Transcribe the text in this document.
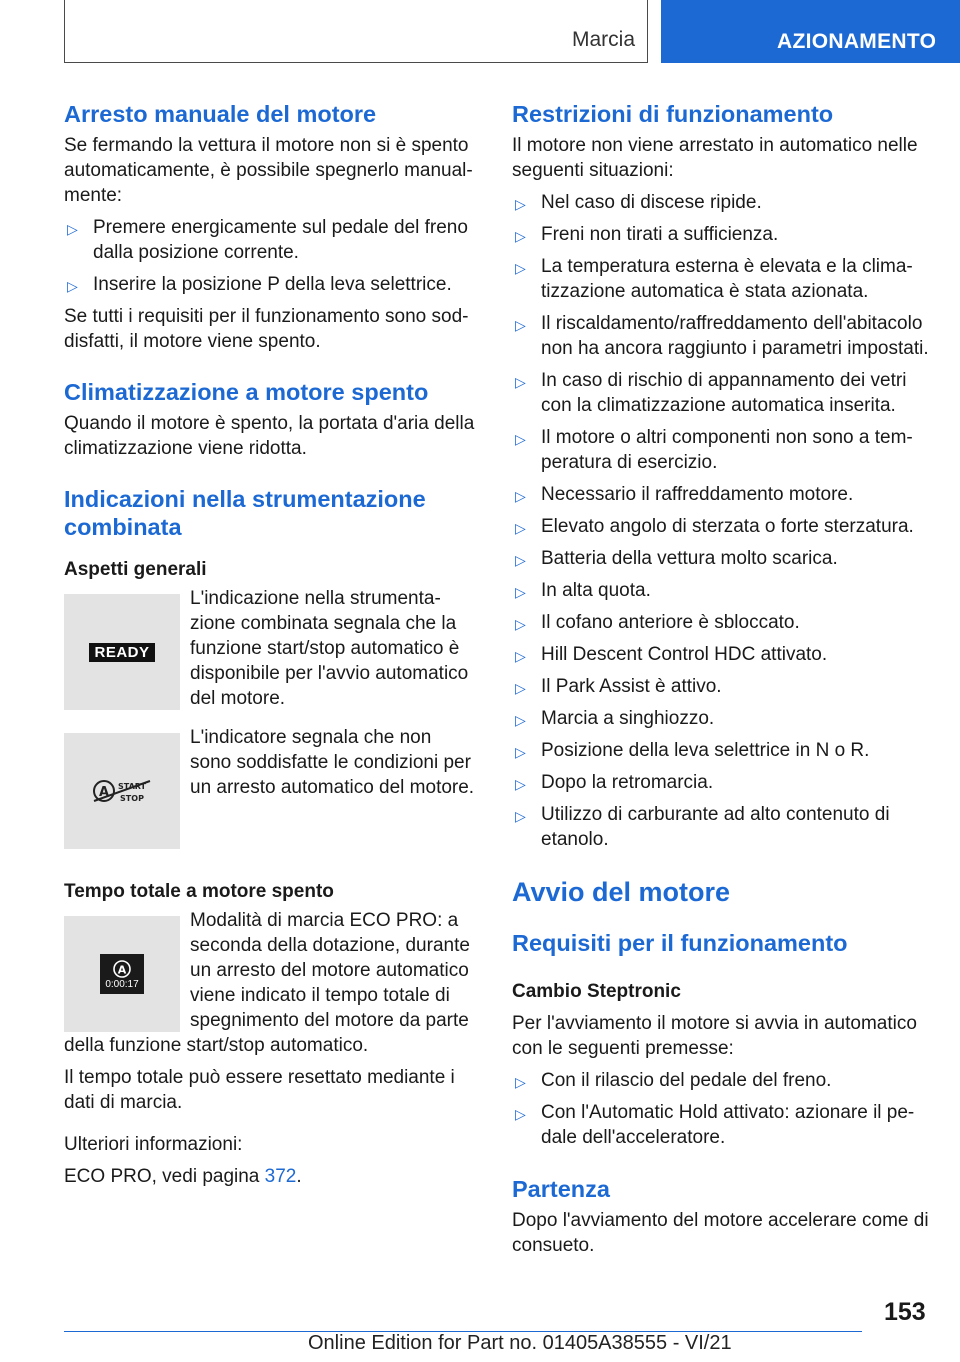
Marcia	AZIONAMENTO
Arresto manuale del motore

Se fermando la vettura il motore non si è spento automaticamente, è possibile spegnerlo manual-mente:

▷ Premere energicamente sul pedale del freno dalla posizione corrente.
▷ Inserire la posizione P della leva selettrice.

Se tutti i requisiti per il funzionamento sono sod-disfatti, il motore viene spento.

Climatizzazione a motore spento

Quando il motore è spento, la portata d'aria della climatizzazione viene ridotta.

Indicazioni nella strumentazione combinata
Aspetti generali
READY

L'indicazione nella strumenta-zione combinata segnala che la funzione start/stop automatico è disponibile per l'avvio automatico del motore.

A START
STOP

L'indicatore segnala che non sono soddisfatte le condizioni per un arresto automatico del motore.

Tempo totale a motore spento
A
0:00:17

Modalità di marcia ECO PRO: a seconda della dotazione, durante un arresto del motore automatico viene indicato il tempo totale di spegnimento del motore da parte

della funzione start/stop automatico.

Il tempo totale può essere resettato mediante i dati di marcia.

Ulteriori informazioni:

ECO PRO, vedi pagina 372.

Restrizioni di funzionamento

Il motore non viene arrestato in automatico nelle seguenti situazioni:

▷ Nel caso di discese ripide.
▷ Freni non tirati a sufficienza.
▷ La temperatura esterna è elevata e la clima-tizzazione automatica è stata azionata.
▷ Il riscaldamento/raffreddamento dell'abitacolo non ha ancora raggiunto i parametri impostati.
▷ In caso di rischio di appannamento dei vetri con la climatizzazione automatica inserita.
▷ Il motore o altri componenti non sono a tem-peratura di esercizio.
▷ Necessario il raffreddamento motore.
▷ Elevato angolo di sterzata o forte sterzatura.
▷ Batteria della vettura molto scarica.
▷ In alta quota.
▷ Il cofano anteriore è sbloccato.
▷ Hill Descent Control HDC attivato.
▷ Il Park Assist è attivo.
▷ Marcia a singhiozzo.
▷ Posizione della leva selettrice in N o R.
▷ Dopo la retromarcia.
▷ Utilizzo di carburante ad alto contenuto di etanolo.
Avvio del motore
Requisiti per il funzionamento
Cambio Steptronic

Per l'avviamento il motore si avvia in automatico con le seguenti premesse:

▷ Con il rilascio del pedale del freno.
▷ Con l'Automatic Hold attivato: azionare il pe-dale dell'acceleratore.
Partenza

Dopo l'avviamento del motore accelerare come di consueto.

153
Online Edition for Part no. 01405A38555 - VI/21
